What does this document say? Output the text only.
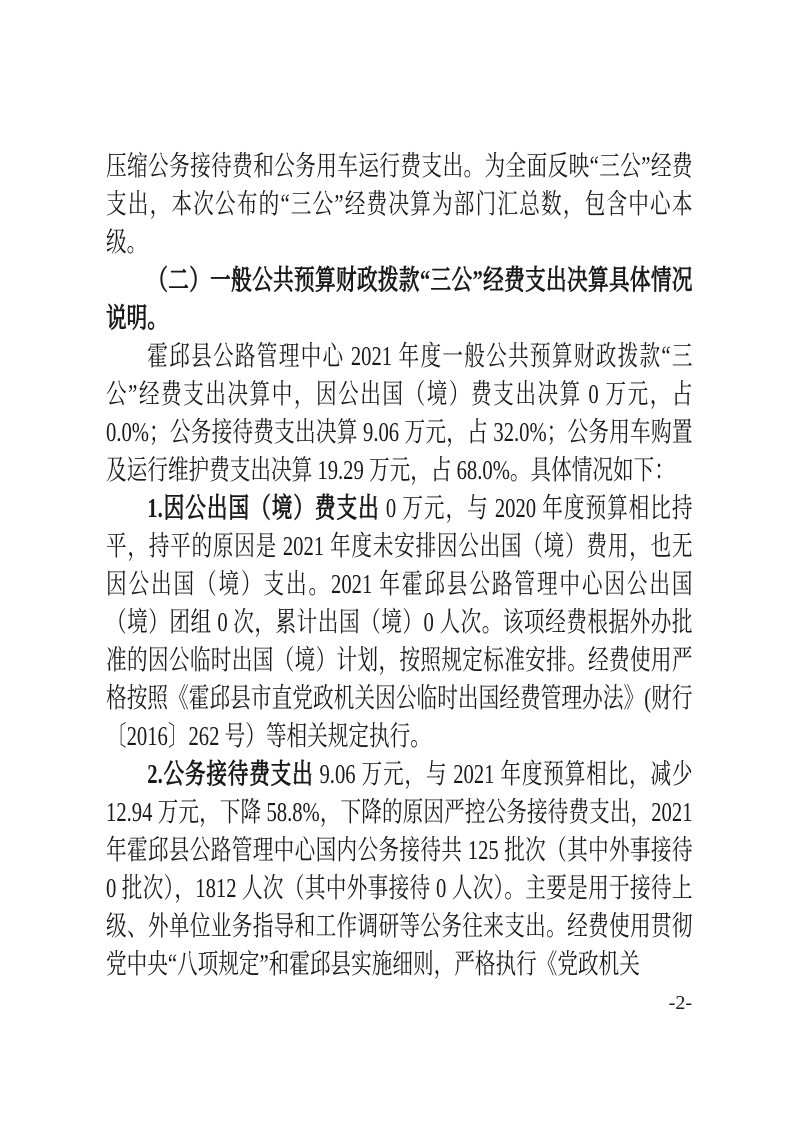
压缩公务接待费和公务用车运行费支出。为全面反映“三公”经费支出，本次公布的“三公”经费决算为部门汇总数，包含中心本级。

（二）一般公共预算财政拨款“三公”经费支出决算具体情况说明。

霍邱县公路管理中心 2021 年度一般公共预算财政拨款“三公”经费支出决算中，因公出国（境）费支出决算 0 万元，占 0.0%；公务接待费支出决算 9.06 万元，占 32.0%；公务用车购置及运行维护费支出决算 19.29 万元，占 68.0%。具体情况如下：

1.因公出国（境）费支出 0 万元，与 2020 年度预算相比持平，持平的原因是 2021 年度未安排因公出国（境）费用，也无因公出国（境）支出。2021 年霍邱县公路管理中心因公出国（境）团组 0 次，累计出国（境）0 人次。该项经费根据外办批准的因公临时出国（境）计划，按照规定标准安排。经费使用严格按照《霍邱县市直党政机关因公临时出国经费管理办法》(财行〔2016〕262 号）等相关规定执行。

2.公务接待费支出 9.06 万元，与 2021 年度预算相比，减少 12.94 万元，下降 58.8%，下降的原因严控公务接待费支出，2021 年霍邱县公路管理中心国内公务接待共 125 批次（其中外事接待 0 批次），1812 人次（其中外事接待 0 人次）。主要是用于接待上级、外单位业务指导和工作调研等公务往来支出。经费使用贯彻党中央“八项规定”和霍邱县实施细则，严格执行《党政机关

-2-
